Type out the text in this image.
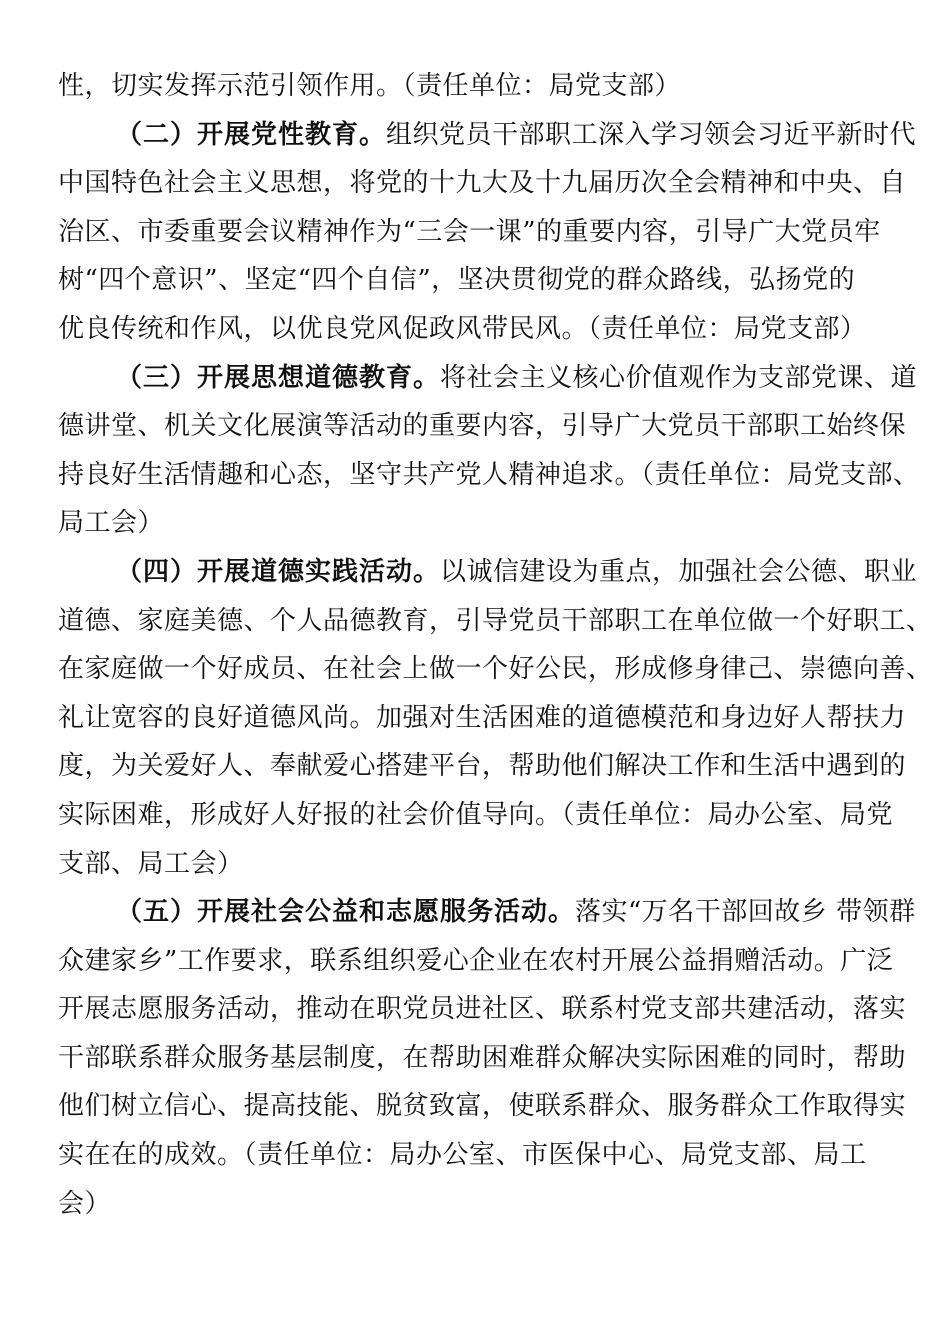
性，切实发挥示范引领作用。（责任单位：局党支部）
（二）开展党性教育。组织党员干部职工深入学习领会习近平新时代
中国特色社会主义思想，将党的十九大及十九届历次全会精神和中央、自
治区、市委重要会议精神作为“三会一课”的重要内容，引导广大党员牢
树“四个意识”、坚定“四个自信”，坚决贯彻党的群众路线，弘扬党的
优良传统和作风，以优良党风促政风带民风。（责任单位：局党支部）
（三）开展思想道德教育。将社会主义核心价值观作为支部党课、道
德讲堂、机关文化展演等活动的重要内容，引导广大党员干部职工始终保
持良好生活情趣和心态，坚守共产党人精神追求。（责任单位：局党支部、
局工会）
（四）开展道德实践活动。以诚信建设为重点，加强社会公德、职业
道德、家庭美德、个人品德教育，引导党员干部职工在单位做一个好职工、
在家庭做一个好成员、在社会上做一个好公民，形成修身律己、崇德向善、
礼让宽容的良好道德风尚。加强对生活困难的道德模范和身边好人帮扶力
度，为关爱好人、奉献爱心搭建平台，帮助他们解决工作和生活中遇到的
实际困难，形成好人好报的社会价值导向。（责任单位：局办公室、局党
支部、局工会）
（五）开展社会公益和志愿服务活动。落实“万名干部回故乡 带领群
众建家乡”工作要求，联系组织爱心企业在农村开展公益捐赠活动。广泛
开展志愿服务活动，推动在职党员进社区、联系村党支部共建活动，落实
干部联系群众服务基层制度，在帮助困难群众解决实际困难的同时，帮助
他们树立信心、提高技能、脱贫致富，使联系群众、服务群众工作取得实
实在在的成效。（责任单位：局办公室、市医保中心、局党支部、局工
会）
